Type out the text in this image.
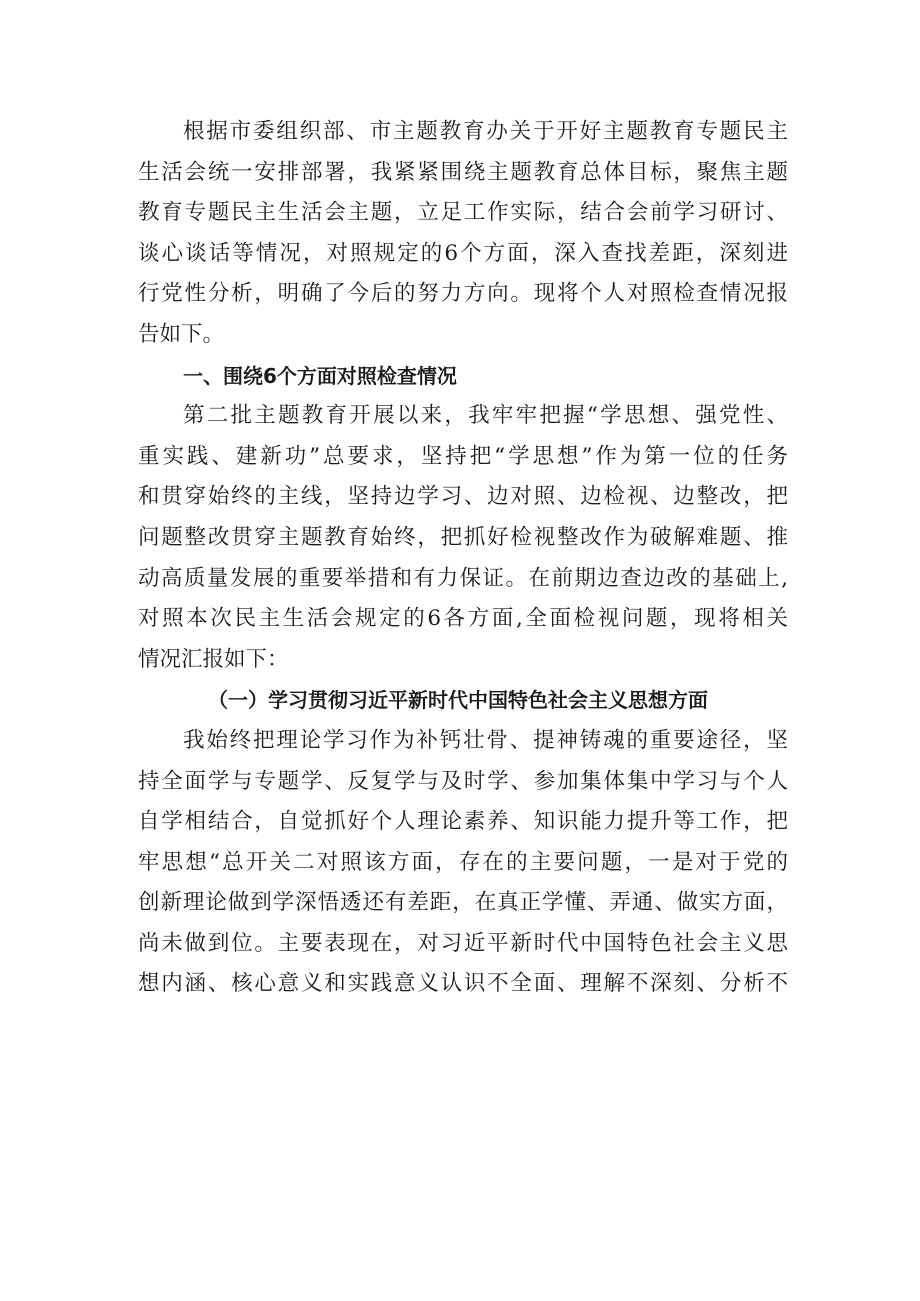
根据市委组织部、市主题教育办关于开好主题教育专题民主
生活会统一安排部署，我紧紧围绕主题教育总体目标，聚焦主题
教育专题民主生活会主题，立足工作实际，结合会前学习研讨、
谈心谈话等情况，对照规定的6个方面，深入查找差距，深刻进
行党性分析，明确了今后的努力方向。现将个人对照检查情况报
告如下。
一、围绕6个方面对照检查情况
第二批主题教育开展以来，我牢牢把握“学思想、强党性、
重实践、建新功”总要求，坚持把“学思想”作为第一位的任务
和贯穿始终的主线，坚持边学习、边对照、边检视、边整改，把
问题整改贯穿主题教育始终，把抓好检视整改作为破解难题、推
动高质量发展的重要举措和有力保证。在前期边查边改的基础上,
对照本次民主生活会规定的6各方面,全面检视问题，现将相关
情况汇报如下：
（一）学习贯彻习近平新时代中国特色社会主义思想方面
我始终把理论学习作为补钙壮骨、提神铸魂的重要途径，坚
持全面学与专题学、反复学与及时学、参加集体集中学习与个人
自学相结合，自觉抓好个人理论素养、知识能力提升等工作，把
牢思想“总开关二对照该方面，存在的主要问题，一是对于党的
创新理论做到学深悟透还有差距，在真正学懂、弄通、做实方面，
尚未做到位。主要表现在，对习近平新时代中国特色社会主义思
想内涵、核心意义和实践意义认识不全面、理解不深刻、分析不
